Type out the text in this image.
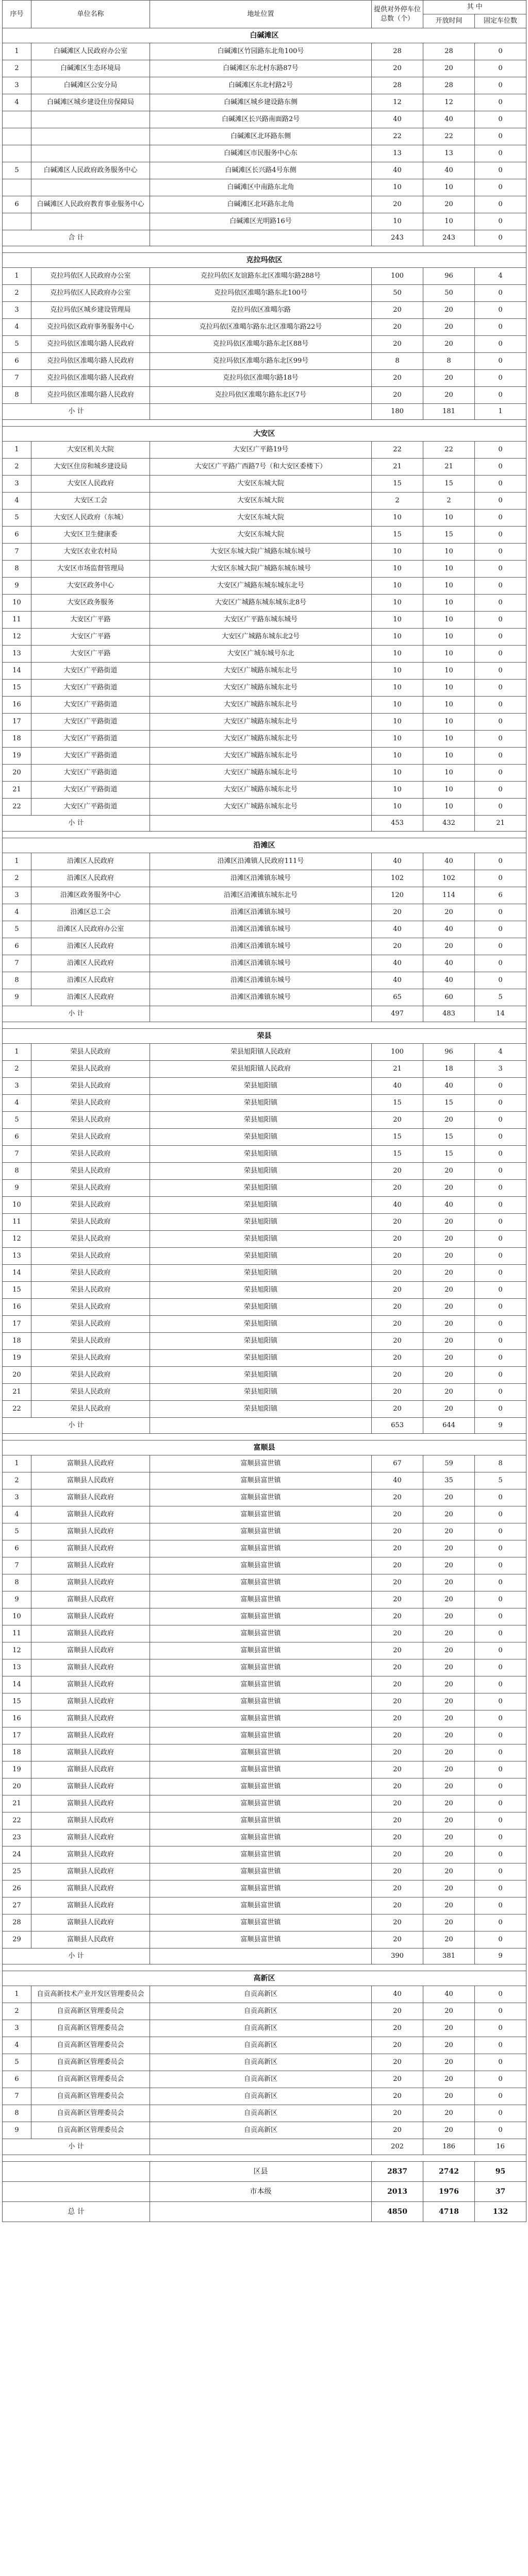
序号	单位名称	地址位置	提供对外停车位总数（个）	其 中	
				开放时间	固定车位数
白碱滩区					
1	白碱滩区人民政府办公室	白碱滩区竹园路东北角100号	28	28	0
2	白碱滩区生态环境局	白碱滩区东北村东路87号	20	20	0
3	白碱滩区公安分局	白碱滩区东北村路2号	28	28	0
4	白碱滩区城乡建设住房保障局	白碱滩区城乡建设路东侧	12	12	0
		白碱滩区长兴路南面路2号	40	40	0
		白碱滩区北环路东侧	22	22	0
		白碱滩区市民服务中心东	13	13	0
5	白碱滩区人民政府政务服务中心	白碱滩区长兴路4号东侧	40	40	0
		白碱滩区中南路东北角	10	10	0
6	白碱滩区人民政府教育事业服务中心	白碱滩区北环路东北角	20	20	0
		白碱滩区光明路16号	10	10	0
合 计			243	243	0

克拉玛依区					
1	克拉玛依区人民政府办公室	克拉玛依区友谊路东北区准噶尔路288号	100	96	4
2	克拉玛依区人民政府办公室	克拉玛依区准噶尔路东北100号	50	50	0
3	克拉玛依区城乡建设管理局	克拉玛依区准噶尔路	20	20	0
4	克拉玛依区政府事务服务中心	克拉玛依区准噶尔路东北区准噶尔路22号	20	20	0
5	克拉玛依区准噶尔路人民政府	克拉玛依区准噶尔路东北区88号	20	20	0
6	克拉玛依区准噶尔路人民政府	克拉玛依区准噶尔路东北区99号	8	8	0
7	克拉玛依区准噶尔路人民政府	克拉玛依区准噶尔路18号	20	20	0
8	克拉玛依区准噶尔路人民政府	克拉玛依区准噶尔路东北区7号	20	20	0
小 计			180	181	1

大安区					
1	大安区机关大院	大安区广平路19号	22	22	0
2	大安区住房和城乡建设局	大安区广平路广西路7号（和大安区委楼下）	21	21	0
3	大安区人民政府	大安区东城大院	15	15	0
4	大安区工会	大安区东城大院	2	2	0
5	大安区人民政府（东城）	大安区东城大院	10	10	0
6	大安区卫生健康委	大安区东城大院	15	15	0
7	大安区农业农村局	大安区东城大院广城路东城东城号	10	10	0
8	大安区市场监督管理局	大安区东城大院广城路东城东城号	10	10	0
9	大安区政务中心	大安区广城路东城东城东北号	10	10	0
10	大安区政务服务	大安区广城路东城东城东北8号	10	10	0
11	大安区广平路	大安区广平路东城东城号	10	10	0
12	大安区广平路	大安区广城路东城东北2号	10	10	0
13	大安区广平路	大安区广城东城号东北	10	10	0
14	大安区广平路街道	大安区广城路东城东北号	10	10	0
15	大安区广平路街道	大安区广城路东城东北号	10	10	0
16	大安区广平路街道	大安区广城路东城东北号	10	10	0
17	大安区广平路街道	大安区广城路东城东北号	10	10	0
18	大安区广平路街道	大安区广城路东城东北号	10	10	0
19	大安区广平路街道	大安区广城路东城东北号	10	10	0
20	大安区广平路街道	大安区广城路东城东北号	10	10	0
21	大安区广平路街道	大安区广城路东城东北号	10	10	0
22	大安区广平路街道	大安区广城路东城东北号	10	10	0
小 计			453	432	21

沿滩区					
1	沿滩区人民政府	沿滩区沿滩镇人民政府111号	40	40	0
2	沿滩区人民政府	沿滩区沿滩镇东城号	102	102	0
3	沿滩区政务服务中心	沿滩区沿滩镇东城东北号	120	114	6
4	沿滩区总工会	沿滩区沿滩镇东城号	20	20	0
5	沿滩区人民政府办公室	沿滩区沿滩镇东城号	40	40	0
6	沿滩区人民政府	沿滩区沿滩镇东城号	20	20	0
7	沿滩区人民政府	沿滩区沿滩镇东城号	40	40	0
8	沿滩区人民政府	沿滩区沿滩镇东城号	40	40	0
9	沿滩区人民政府	沿滩区沿滩镇东城号	65	60	5
小 计			497	483	14

荣县					
1	荣县人民政府	荣县旭阳镇人民政府	100	96	4
2	荣县人民政府	荣县旭阳镇人民政府	21	18	3
3	荣县人民政府	荣县旭阳镇	40	40	0
4	荣县人民政府	荣县旭阳镇	15	15	0
5	荣县人民政府	荣县旭阳镇	20	20	0
6	荣县人民政府	荣县旭阳镇	15	15	0
7	荣县人民政府	荣县旭阳镇	15	15	0
8	荣县人民政府	荣县旭阳镇	20	20	0
9	荣县人民政府	荣县旭阳镇	20	20	0
10	荣县人民政府	荣县旭阳镇	40	40	0
11	荣县人民政府	荣县旭阳镇	20	20	0
12	荣县人民政府	荣县旭阳镇	20	20	0
13	荣县人民政府	荣县旭阳镇	20	20	0
14	荣县人民政府	荣县旭阳镇	20	20	0
15	荣县人民政府	荣县旭阳镇	20	20	0
16	荣县人民政府	荣县旭阳镇	20	20	0
17	荣县人民政府	荣县旭阳镇	20	20	0
18	荣县人民政府	荣县旭阳镇	20	20	0
19	荣县人民政府	荣县旭阳镇	20	20	0
20	荣县人民政府	荣县旭阳镇	20	20	0
21	荣县人民政府	荣县旭阳镇	20	20	0
22	荣县人民政府	荣县旭阳镇	20	20	0
小 计			653	644	9

富顺县					
1	富顺县人民政府	富顺县富世镇	67	59	8
2	富顺县人民政府	富顺县富世镇	40	35	5
3	富顺县人民政府	富顺县富世镇	20	20	0
4	富顺县人民政府	富顺县富世镇	20	20	0
5	富顺县人民政府	富顺县富世镇	20	20	0
6	富顺县人民政府	富顺县富世镇	20	20	0
7	富顺县人民政府	富顺县富世镇	20	20	0
8	富顺县人民政府	富顺县富世镇	20	20	0
9	富顺县人民政府	富顺县富世镇	20	20	0
10	富顺县人民政府	富顺县富世镇	20	20	0
11	富顺县人民政府	富顺县富世镇	20	20	0
12	富顺县人民政府	富顺县富世镇	20	20	0
13	富顺县人民政府	富顺县富世镇	20	20	0
14	富顺县人民政府	富顺县富世镇	20	20	0
15	富顺县人民政府	富顺县富世镇	20	20	0
16	富顺县人民政府	富顺县富世镇	20	20	0
17	富顺县人民政府	富顺县富世镇	20	20	0
18	富顺县人民政府	富顺县富世镇	20	20	0
19	富顺县人民政府	富顺县富世镇	20	20	0
20	富顺县人民政府	富顺县富世镇	20	20	0
21	富顺县人民政府	富顺县富世镇	20	20	0
22	富顺县人民政府	富顺县富世镇	20	20	0
23	富顺县人民政府	富顺县富世镇	20	20	0
24	富顺县人民政府	富顺县富世镇	20	20	0
25	富顺县人民政府	富顺县富世镇	20	20	0
26	富顺县人民政府	富顺县富世镇	20	20	0
27	富顺县人民政府	富顺县富世镇	20	20	0
28	富顺县人民政府	富顺县富世镇	20	20	0
29	富顺县人民政府	富顺县富世镇	20	20	0
小 计			390	381	9

高新区					
1	自贡高新技术产业开发区管理委员会	自贡高新区	40	40	0
2	自贡高新区管理委员会	自贡高新区	20	20	0
3	自贡高新区管理委员会	自贡高新区	20	20	0
4	自贡高新区管理委员会	自贡高新区	20	20	0
5	自贡高新区管理委员会	自贡高新区	20	20	0
6	自贡高新区管理委员会	自贡高新区	20	20	0
7	自贡高新区管理委员会	自贡高新区	20	20	0
8	自贡高新区管理委员会	自贡高新区	20	20	0
9	自贡高新区管理委员会	自贡高新区	20	20	0
小 计			202	186	16

		区县	2837	2742	95
		市本级	2013	1976	37
总 计			4850	4718	132
